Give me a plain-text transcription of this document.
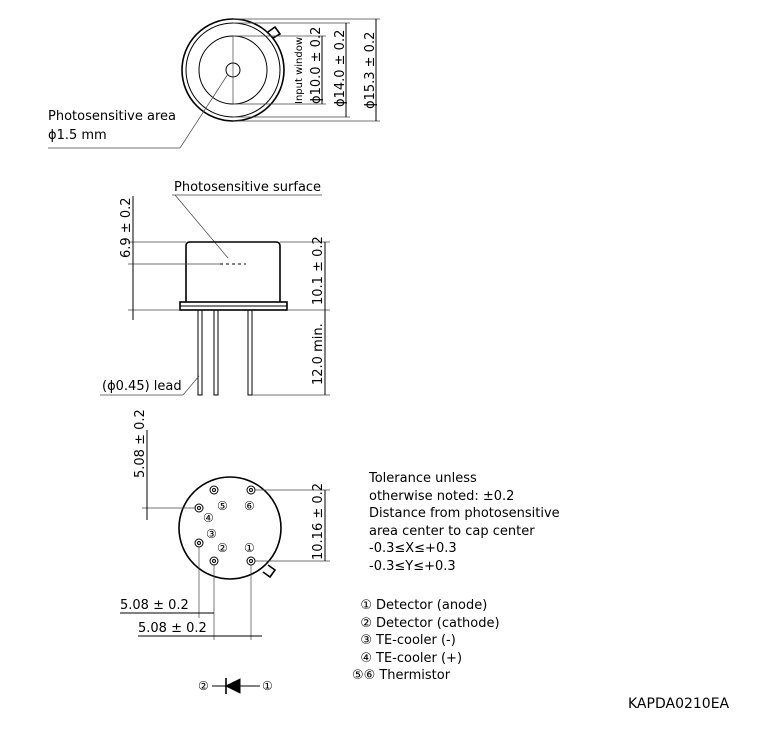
Input window ϕ10.0 ± 0.2 ϕ14.0 ± 0.2 ϕ15.3 ± 0.2
Photosensitive area
ϕ1.5 mm
Photosensitive surface
(ϕ0.45) lead
6.9 ± 0.2
10.1 ± 0.2
12.0 min.
⑤ ⑥
④
③
② ①
5.08 ± 0.2
10.16 ± 0.2
5.08 ± 0.2
5.08 ± 0.2
②	①
Tolerance unless
otherwise noted: ±0.2
Distance from photosensitive
area center to cap center
-0.3≤X≤+0.3
-0.3≤Y≤+0.3
① Detector (anode)
② Detector (cathode)
③ TE-cooler (-)
④ TE-cooler (+)
⑤⑥ Thermistor
KAPDA0210EA
